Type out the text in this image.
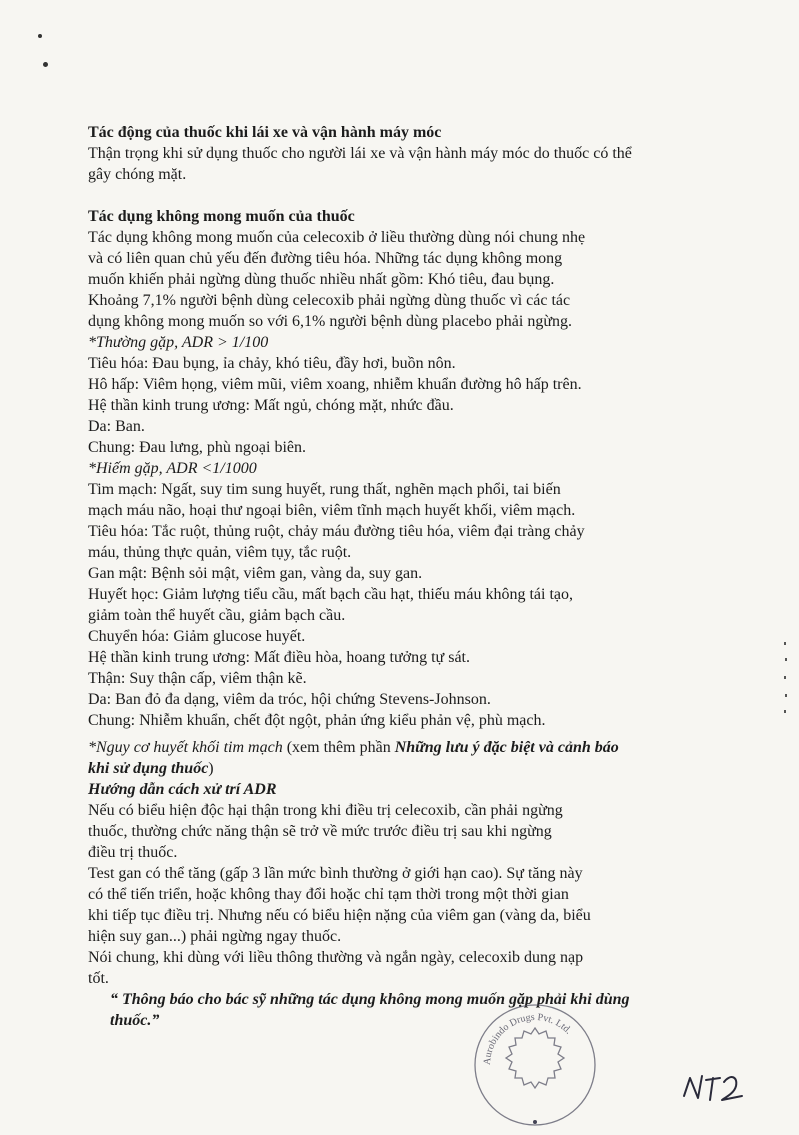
Tác động của thuốc khi lái xe và vận hành máy móc
Thận trọng khi sử dụng thuốc cho người lái xe và vận hành máy móc do thuốc có thể
gây chóng mặt.
Tác dụng không mong muốn của thuốc
Tác dụng không mong muốn của celecoxib ở liều thường dùng nói chung nhẹ
và có liên quan chủ yếu đến đường tiêu hóa. Những tác dụng không mong
muốn khiến phải ngừng dùng thuốc nhiều nhất gồm: Khó tiêu, đau bụng.
Khoảng 7,1% người bệnh dùng celecoxib phải ngừng dùng thuốc vì các tác
dụng không mong muốn so với 6,1% người bệnh dùng placebo phải ngừng.
*Thường gặp, ADR > 1/100
Tiêu hóa: Đau bụng, ỉa chảy, khó tiêu, đầy hơi, buồn nôn.
Hô hấp: Viêm họng, viêm mũi, viêm xoang, nhiễm khuẩn đường hô hấp trên.
Hệ thần kinh trung ương: Mất ngủ, chóng mặt, nhức đầu.
Da: Ban.
Chung: Đau lưng, phù ngoại biên.
*Hiếm gặp, ADR <1/1000
Tim mạch: Ngất, suy tim sung huyết, rung thất, nghẽn mạch phổi, tai biến
mạch máu não, hoại thư ngoại biên, viêm tĩnh mạch huyết khối, viêm mạch.
Tiêu hóa: Tắc ruột, thủng ruột, chảy máu đường tiêu hóa, viêm đại tràng chảy
máu, thủng thực quản, viêm tụy, tắc ruột.
Gan mật: Bệnh sỏi mật, viêm gan, vàng da, suy gan.
Huyết học: Giảm lượng tiểu cầu, mất bạch cầu hạt, thiếu máu không tái tạo,
giảm toàn thể huyết cầu, giảm bạch cầu.
Chuyển hóa: Giảm glucose huyết.
Hệ thần kinh trung ương: Mất điều hòa, hoang tưởng tự sát.
Thận: Suy thận cấp, viêm thận kẽ.
Da: Ban đỏ đa dạng, viêm da tróc, hội chứng Stevens-Johnson.
Chung: Nhiễm khuẩn, chết đột ngột, phản ứng kiểu phản vệ, phù mạch.
*Nguy cơ huyết khối tim mạch (xem thêm phần Những lưu ý đặc biệt và cảnh báo
khi sử dụng thuốc)
Hướng dẫn cách xử trí ADR
Nếu có biểu hiện độc hại thận trong khi điều trị celecoxib, cần phải ngừng
thuốc, thường chức năng thận sẽ trở về mức trước điều trị sau khi ngừng
điều trị thuốc.
Test gan có thể tăng (gấp 3 lần mức bình thường ở giới hạn cao). Sự tăng này
có thể tiến triển, hoặc không thay đổi hoặc chỉ tạm thời trong một thời gian
khi tiếp tục điều trị. Nhưng nếu có biểu hiện nặng của viêm gan (vàng da, biểu
hiện suy gan...) phải ngừng ngay thuốc.
Nói chung, khi dùng với liều thông thường và ngắn ngày, celecoxib dung nạp
tốt.
“ Thông báo cho bác sỹ những tác dụng không mong muốn gặp phải khi dùng
thuốc.”
Aurobindo Drugs Pvt. Ltd.
